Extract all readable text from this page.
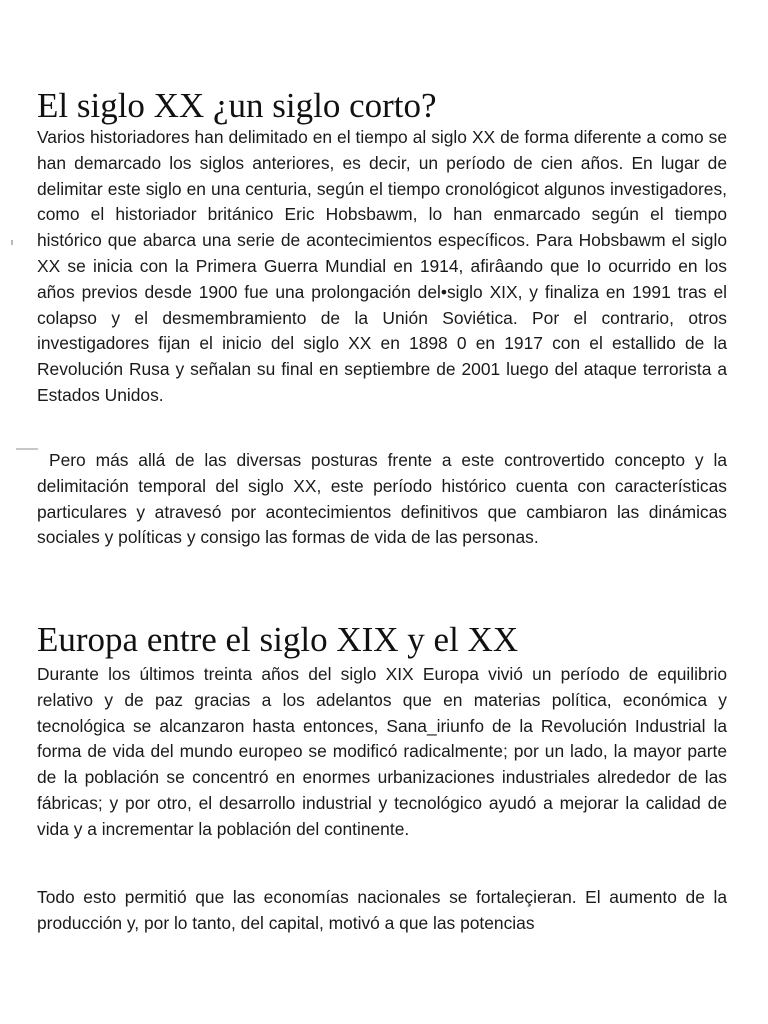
El siglo XX ¿un siglo corto?

Varios historiadores han delimitado en el tiempo al siglo XX de forma diferente a como se han demarcado los siglos anteriores, es decir, un período de cien años. En lugar de delimitar este siglo en una centuria, según el tiempo cronológicot algunos investigadores, como el historiador británico Eric Hobsbawm, lo han enmarcado según el tiempo histórico que abarca una serie de acontecimientos específicos. Para Hobsbawm el siglo XX se inicia con la Primera Guerra Mundial en 1914, afirâando que Io ocurrido en los años previos desde 1900 fue una prolongación del•siglo XIX, y finaliza en 1991 tras el colapso y el desmembramiento de la Unión Soviética. Por el contrario, otros investigadores fijan el inicio del siglo XX en 1898 0 en 1917 con el estallido de la Revolución Rusa y señalan su final en septiembre de 2001 luego del ataque terrorista a Estados Unidos.

Pero más allá de las diversas posturas frente a este controvertido concepto y la delimitación temporal del siglo XX, este período histórico cuenta con características particulares y atravesó por acontecimientos definitivos que cambiaron las dinámicas sociales y políticas y consigo las formas de vida de las personas.

Europa entre el siglo XIX y el XX

Durante los últimos treinta años del siglo XIX Europa vivió un período de equilibrio relativo y de paz gracias a los adelantos que en materias política, económica y tecnológica se alcanzaron hasta entonces, Sana_iriunfo de la Revolución Industrial la forma de vida del mundo europeo se modificó radicalmente; por un lado, la mayor parte de la población se concentró en enormes urbanizaciones industriales alrededor de las fábricas; y por otro, el desarrollo industrial y tecnológico ayudó a mejorar la calidad de vida y a incrementar la población del continente.

Todo esto permitió que las economías nacionales se fortaleçieran. El aumento de la producción y, por lo tanto, del capital, motivó a que las potencias
